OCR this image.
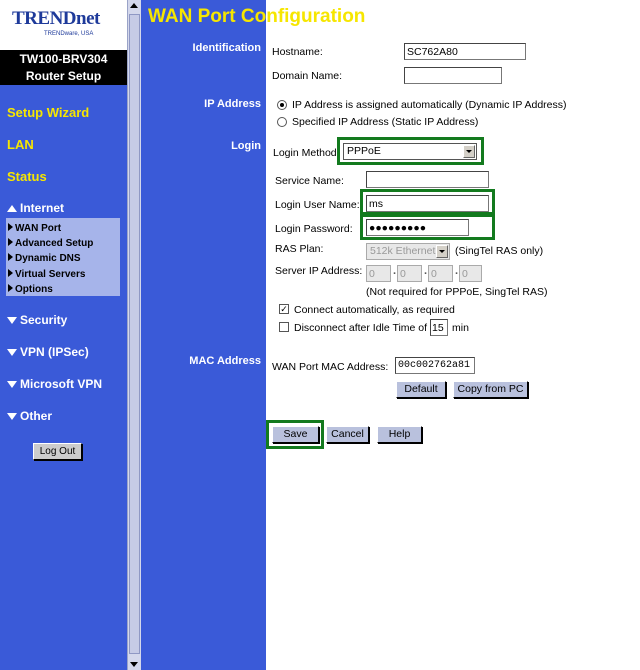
TRENDnet
TRENDware, USA
TW100-BRV304
Router Setup
Setup Wizard
LAN
Status
Internet
WAN Port
Advanced Setup
Dynamic DNS
Virtual Servers
Options
Security
VPN (IPSec)
Microsoft VPN
Other
Log Out
WAN Port Configuration
Identification
IP Address
Login
MAC Address
Hostname:
SC762A80
Domain Name:
IP Address is assigned automatically (Dynamic IP Address)
Specified IP Address (Static IP Address)
Login Method: PPPoE
Service Name:
Login User Name:
ms
Login Password:
●●●●●●●●●
RAS Plan:	512k Ethernet	(SingTel RAS only)
Server IP Address:
0	·
0 ·
0 ·
0
(Not required for PPPoE, SingTel RAS)
✓ Connect automatically, as required
Disconnect after Idle Time of
15 min
WAN Port MAC Address:
00c002762a81
Default	Copy from PC
Save	Cancel	Help
